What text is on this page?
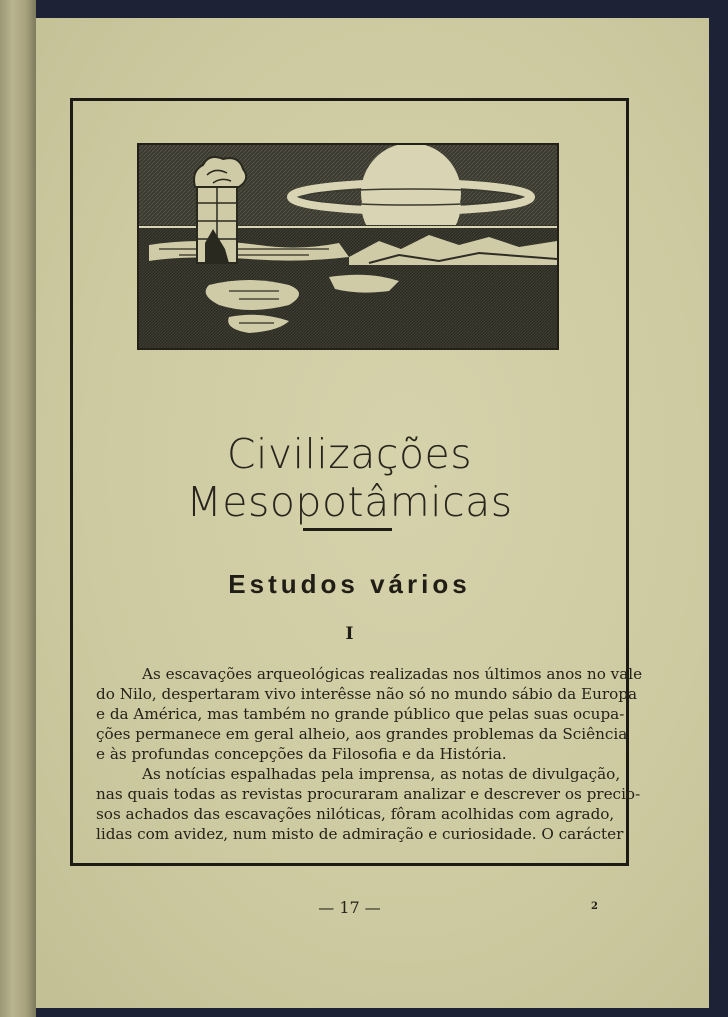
Civilizações Mesopotâmicas
Estudos vários
I
As escavações arqueológicas realizadas nos últimos anos no vale
do Nilo, despertaram vivo interêsse não só no mundo sábio da Europa
e da América, mas também no grande público que pelas suas ocupa-
ções permanece em geral alheio, aos grandes problemas da Sciência
e às profundas concepções da Filosofia e da História.
As notícias espalhadas pela imprensa, as notas de divulgação,
nas quais todas as revistas procuraram analizar e descrever os precio-
sos achados das escavações nilóticas, fôram acolhidas com agrado,
lidas com avidez, num misto de admiração e curiosidade. O carácter
— 17 —	2
